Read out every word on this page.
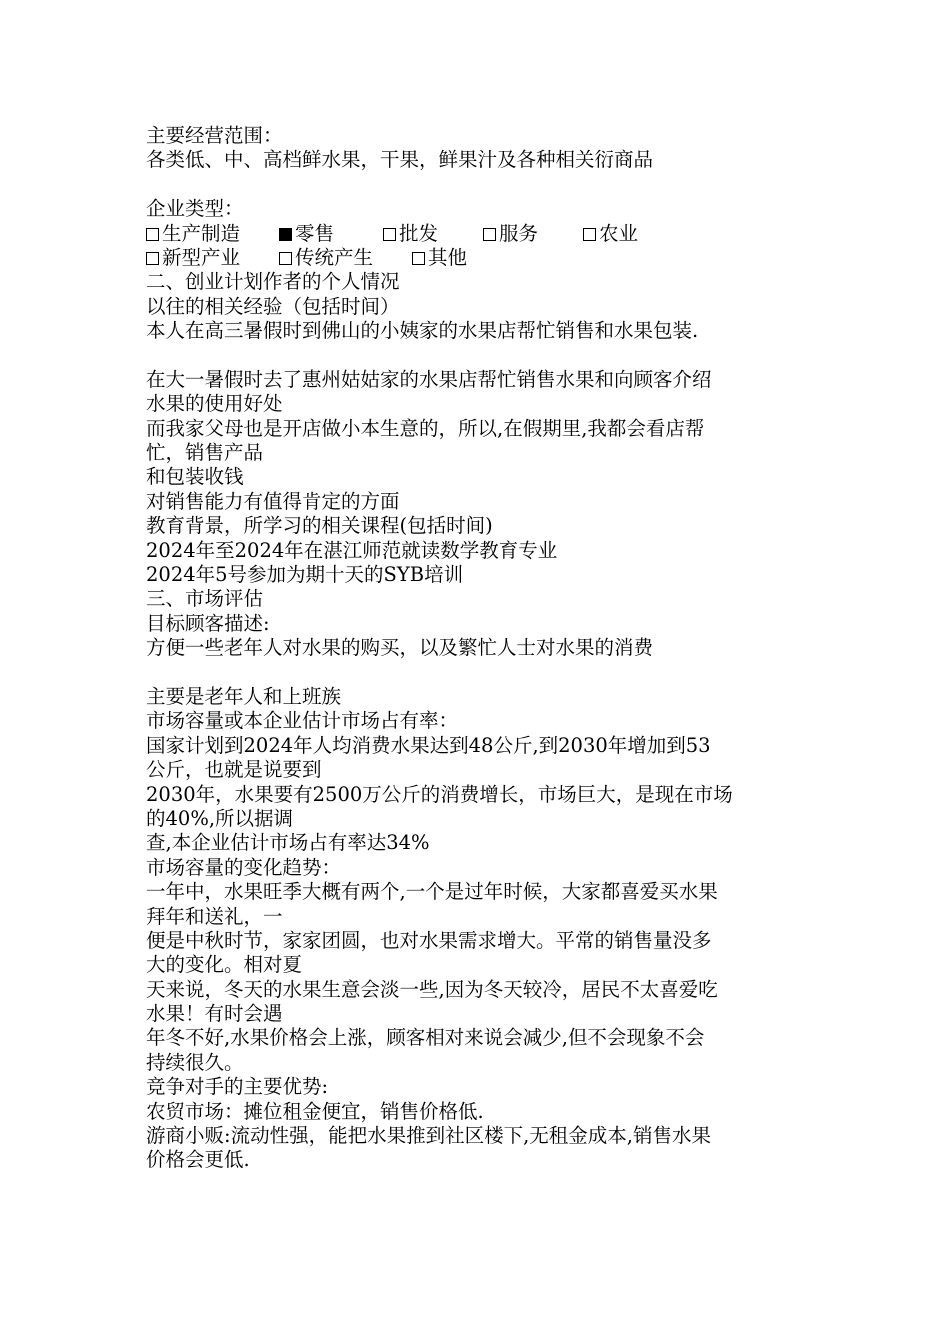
主要经营范围：
各类低、中、高档鲜水果，干果，鲜果汁及各种相关衍商品
企业类型：
生产制造	零售	批发	服务	农业
新型产业	传统产生	其他
二、创业计划作者的个人情况
以往的相关经验（包括时间）
本人在高三暑假时到佛山的小姨家的水果店帮忙销售和水果包装.
在大一暑假时去了惠州姑姑家的水果店帮忙销售水果和向顾客介绍
水果的使用好处
而我家父母也是开店做小本生意的，所以,在假期里,我都会看店帮
忙，销售产品
和包装收钱
对销售能力有值得肯定的方面
教育背景，所学习的相关课程(包括时间)
2024年至2024年在湛江师范就读数学教育专业
2024年5号参加为期十天的SYB培训
三、市场评估
目标顾客描述:
方便一些老年人对水果的购买，以及繁忙人士对水果的消费
主要是老年人和上班族
市场容量或本企业估计市场占有率：
国家计划到2024年人均消费水果达到48公斤,到2030年增加到53
公斤，也就是说要到
2030年，水果要有2500万公斤的消费增长，市场巨大，是现在市场
的40%,所以据调
查,本企业估计市场占有率达34%
市场容量的变化趋势：
一年中，水果旺季大概有两个,一个是过年时候，大家都喜爱买水果
拜年和送礼，一
便是中秋时节，家家团圆，也对水果需求增大。平常的销售量没多
大的变化。相对夏
天来说，冬天的水果生意会淡一些,因为冬天较冷，居民不太喜爱吃
水果！有时会遇
年冬不好,水果价格会上涨，顾客相对来说会减少,但不会现象不会
持续很久。
竞争对手的主要优势:
农贸市场：摊位租金便宜，销售价格低.
游商小贩:流动性强，能把水果推到社区楼下,无租金成本,销售水果
价格会更低.
